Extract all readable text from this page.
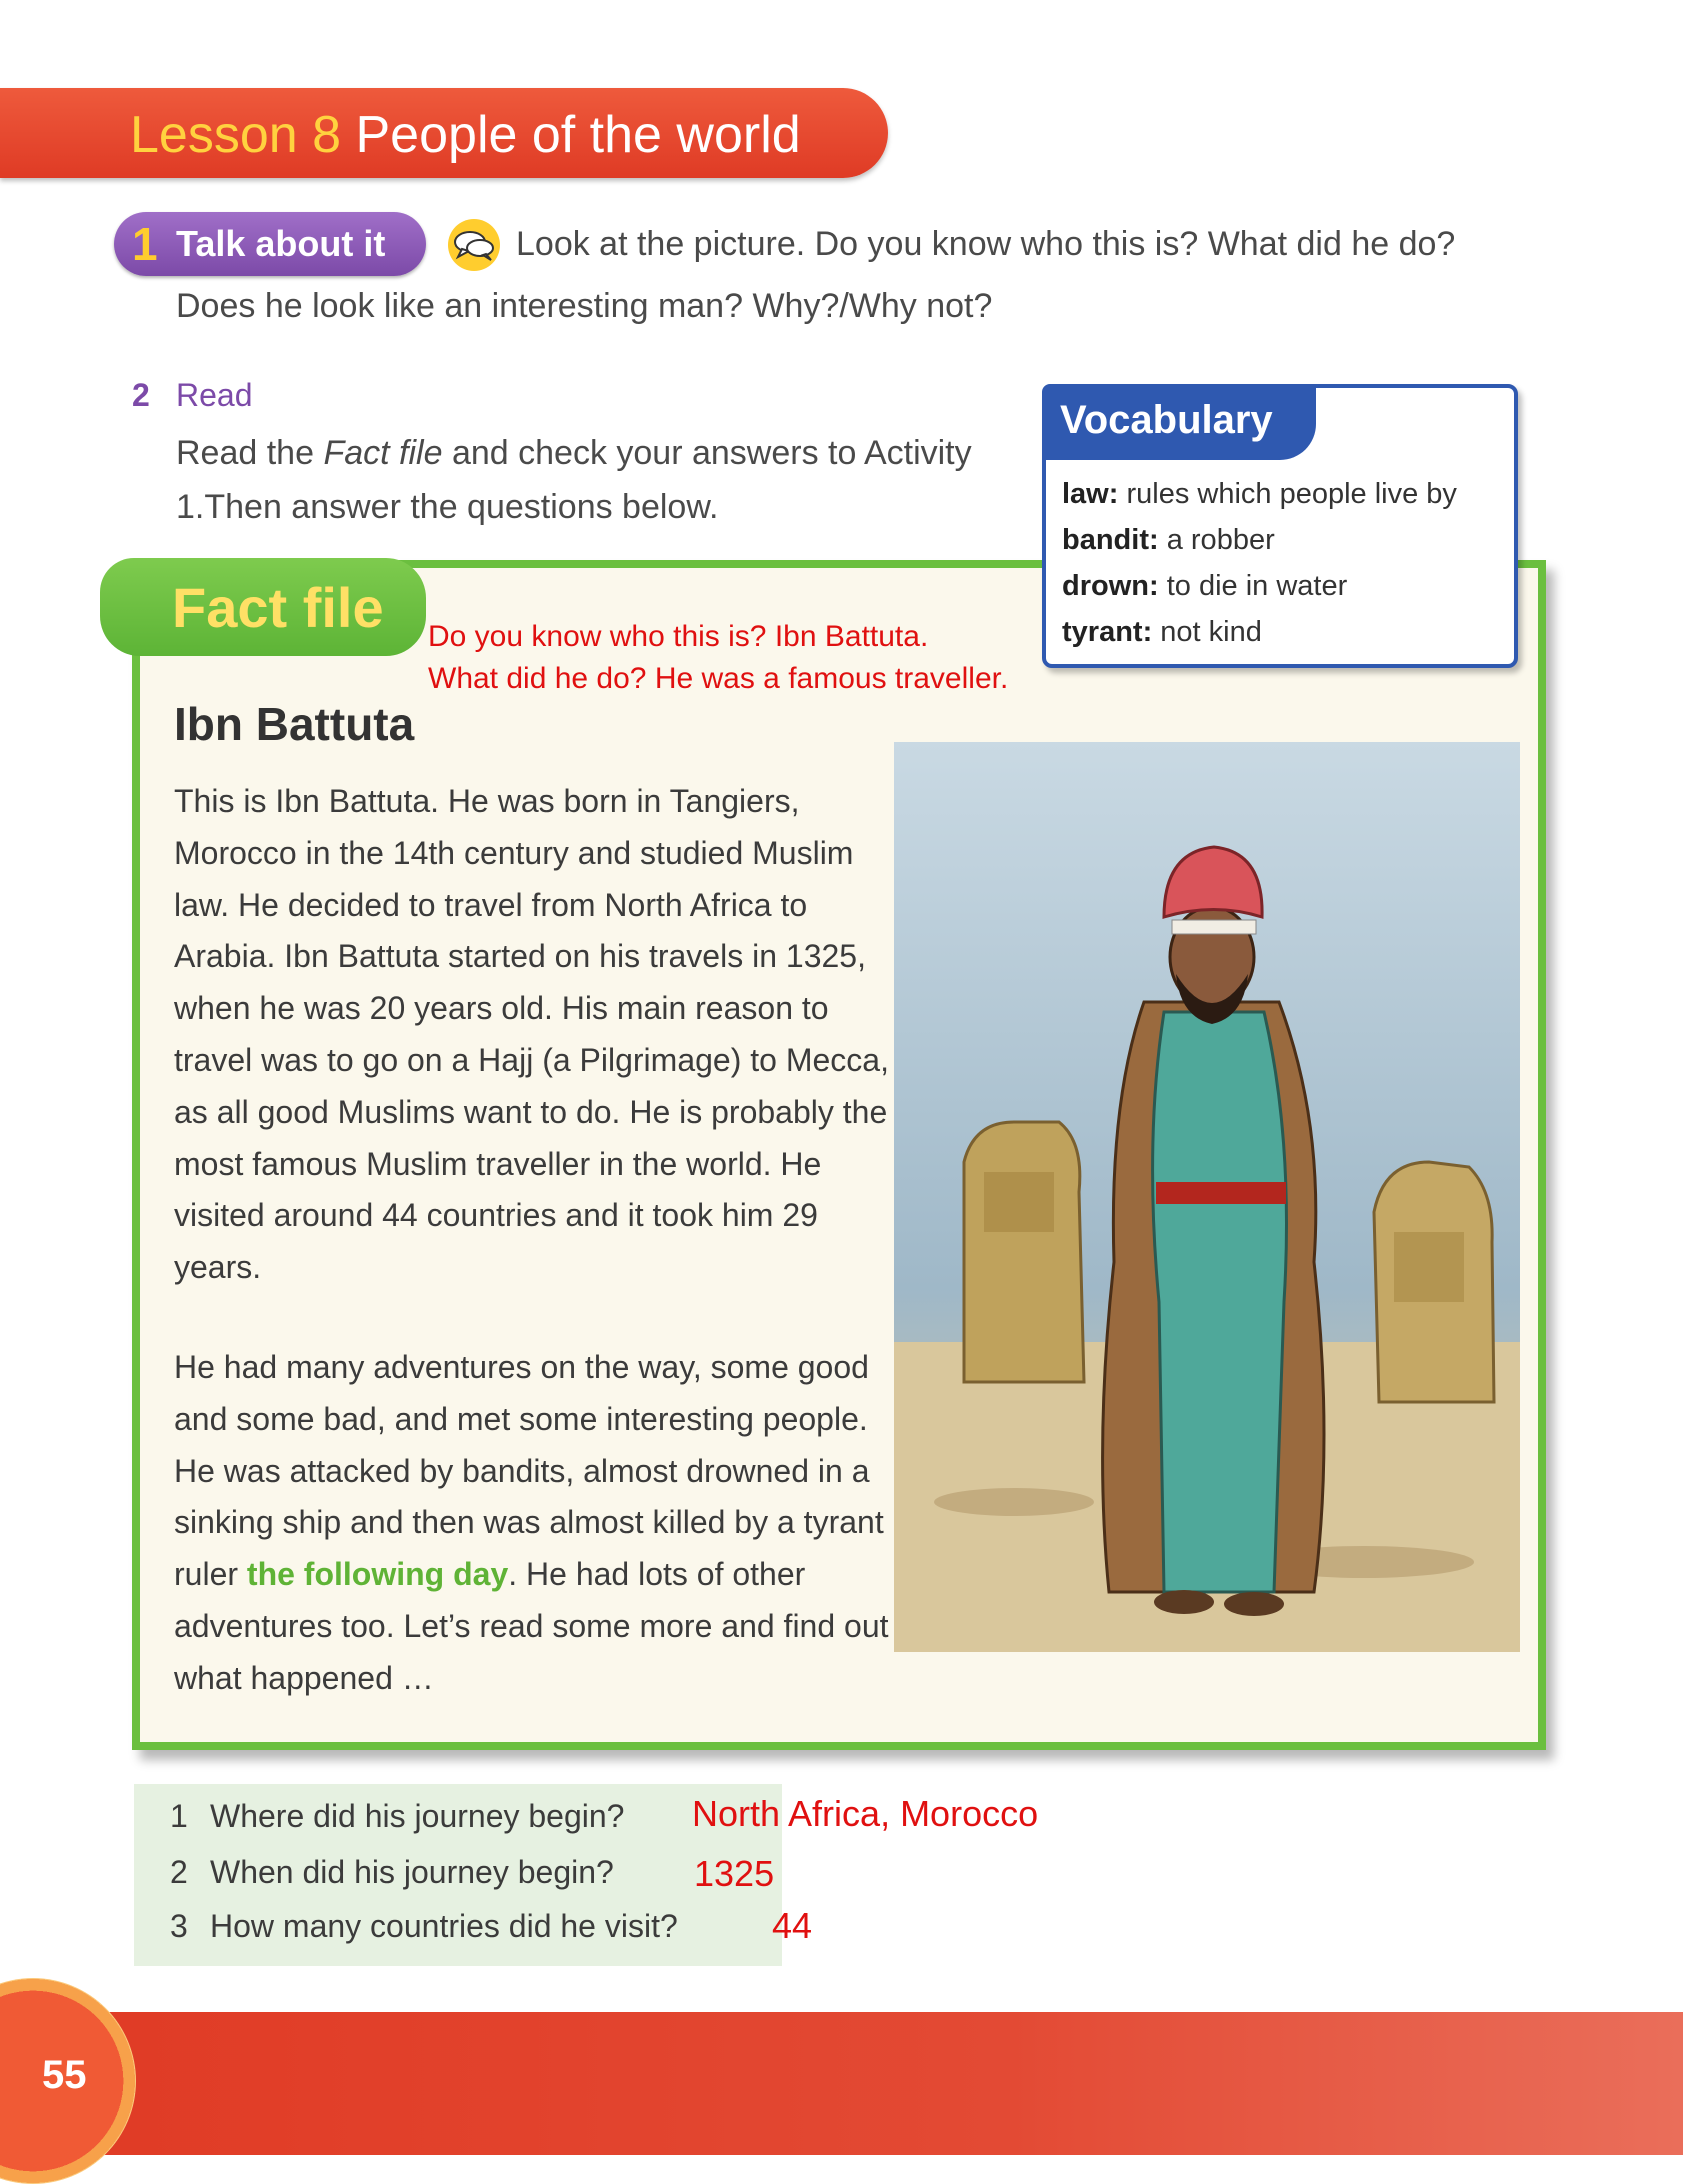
Lesson 8 People of the world
1 Talk about it	Look at the picture. Do you know who this is? What did he do?
Does he look like an interesting man? Why?/Why not?
2 Read
Read the Fact file and check your answers to Activity 1.Then answer the questions below.
Fact file
Ibn Battuta
This is Ibn Battuta. He was born in Tangiers, Morocco in the 14th century and studied Muslim law. He decided to travel from North Africa to Arabia. Ibn Battuta started on his travels in 1325, when he was 20 years old. His main reason to travel was to go on a Hajj (a Pilgrimage) to Mecca, as all good Muslims want to do. He is probably the most famous Muslim traveller in the world. He visited around 44 countries and it took him 29 years.
He had many adventures on the way, some good and some bad, and met some interesting people. He was attacked by bandits, almost drowned in a sinking ship and then was almost killed by a tyrant ruler the following day. He had lots of other adventures too. Let’s read some more and find out what happened …
Vocabulary
law: rules which people live by
bandit: a robber
drown: to die in water
tyrant: not kind
Do you know who this is? Ibn Battuta.
What did he do? He was a famous traveller.
1 Where did his journey begin? North Africa, Morocco
2 When did his journey begin? 1325
3 How many countries did he visit?	44
55
